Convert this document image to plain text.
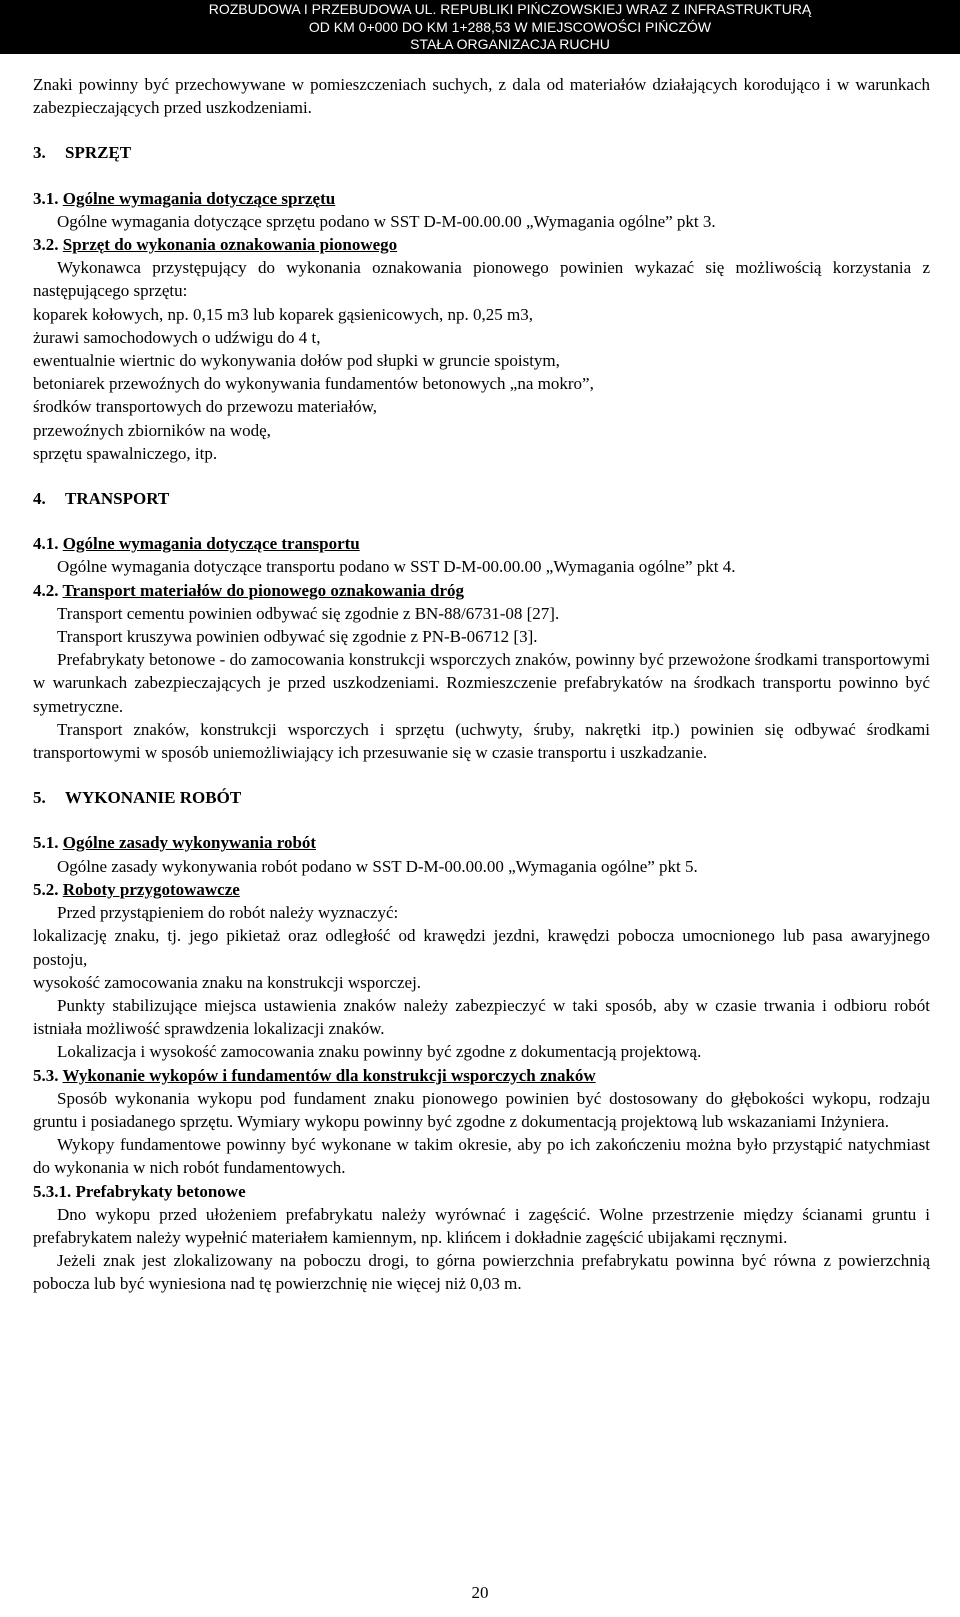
ROZBUDOWA I PRZEBUDOWA UL. REPUBLIKI PIŃCZOWSKIEJ WRAZ Z INFRASTRUKTURĄ
OD KM 0+000 DO KM 1+288,53 W MIEJSCOWOŚCI PIŃCZÓW
STAŁA ORGANIZACJA RUCHU

Znaki powinny być przechowywane w pomieszczeniach suchych, z dala od materiałów działających korodująco i w warunkach zabezpieczających przed uszkodzeniami.

3. SPRZĘT

3.1. Ogólne wymagania dotyczące sprzętu

Ogólne wymagania dotyczące sprzętu podano w SST D-M-00.00.00 „Wymagania ogólne” pkt 3.

3.2. Sprzęt do wykonania oznakowania pionowego

Wykonawca przystępujący do wykonania oznakowania pionowego powinien wykazać się możliwością korzystania z następującego sprzętu:

koparek kołowych, np. 0,15 m3 lub koparek gąsienicowych, np. 0,25 m3,

żurawi samochodowych o udźwigu do 4 t,

ewentualnie wiertnic do wykonywania dołów pod słupki w gruncie spoistym,

betoniarek przewoźnych do wykonywania fundamentów betonowych „na mokro”,

środków transportowych do przewozu materiałów,

przewoźnych zbiorników na wodę,

sprzętu spawalniczego, itp.

4. TRANSPORT

4.1. Ogólne wymagania dotyczące transportu

Ogólne wymagania dotyczące transportu podano w SST D-M-00.00.00 „Wymagania ogólne” pkt 4.

4.2. Transport materiałów do pionowego oznakowania dróg

Transport cementu powinien odbywać się zgodnie z BN-88/6731-08 [27].

Transport kruszywa powinien odbywać się zgodnie z PN-B-06712 [3].

Prefabrykaty betonowe - do zamocowania konstrukcji wsporczych znaków, powinny być przewożone środkami transportowymi w warunkach zabezpieczających je przed uszkodzeniami. Rozmieszczenie prefabrykatów na środkach transportu powinno być symetryczne.

Transport znaków, konstrukcji wsporczych i sprzętu (uchwyty, śruby, nakrętki itp.) powinien się odbywać środkami transportowymi w sposób uniemożliwiający ich przesuwanie się w czasie transportu i uszkadzanie.

5. WYKONANIE ROBÓT

5.1. Ogólne zasady wykonywania robót

Ogólne zasady wykonywania robót podano w SST D-M-00.00.00 „Wymagania ogólne” pkt 5.

5.2. Roboty przygotowawcze

Przed przystąpieniem do robót należy wyznaczyć:

lokalizację znaku, tj. jego pikietaż oraz odległość od krawędzi jezdni, krawędzi pobocza umocnionego lub pasa awaryjnego postoju,

wysokość zamocowania znaku na konstrukcji wsporczej.

Punkty stabilizujące miejsca ustawienia znaków należy zabezpieczyć w taki sposób, aby w czasie trwania i odbioru robót istniała możliwość sprawdzenia lokalizacji znaków.

Lokalizacja i wysokość zamocowania znaku powinny być zgodne z dokumentacją projektową.

5.3. Wykonanie wykopów i fundamentów dla konstrukcji wsporczych znaków

Sposób wykonania wykopu pod fundament znaku pionowego powinien być dostosowany do głębokości wykopu, rodzaju gruntu i posiadanego sprzętu. Wymiary wykopu powinny być zgodne z dokumentacją projektową lub wskazaniami Inżyniera.

Wykopy fundamentowe powinny być wykonane w takim okresie, aby po ich zakończeniu można było przystąpić natychmiast do wykonania w nich robót fundamentowych.

5.3.1. Prefabrykaty betonowe

Dno wykopu przed ułożeniem prefabrykatu należy wyrównać i zagęścić. Wolne przestrzenie między ścianami gruntu i prefabrykatem należy wypełnić materiałem kamiennym, np. klińcem i dokładnie zagęścić ubijakami ręcznymi.

Jeżeli znak jest zlokalizowany na poboczu drogi, to górna powierzchnia prefabrykatu powinna być równa z powierzchnią pobocza lub być wyniesiona nad tę powierzchnię nie więcej niż 0,03 m.

20
